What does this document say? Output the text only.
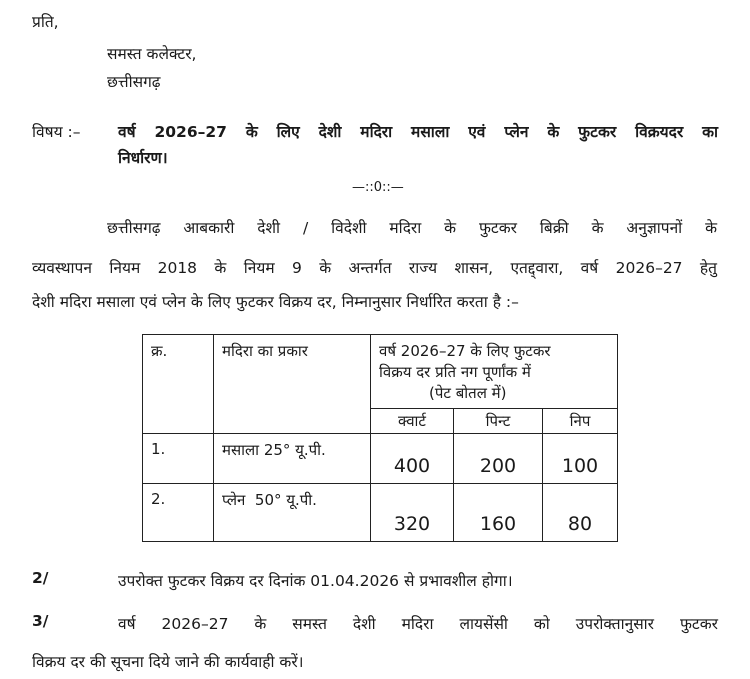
प्रति,
समस्त कलेक्टर,
छत्तीसगढ़
विषय :– वर्ष 2026–27 के लिए देशी मदिरा मसाला एवं प्लेन के फुटकर विक्रयदर का
निर्धारण।
—::0::—
छत्तीसगढ़ आबकारी देशी / विदेशी मदिरा के फुटकर बिक्री के अनुज्ञापनों के
व्यवस्थापन नियम 2018 के नियम 9 के अन्तर्गत राज्य शासन, एतद्द्वारा, वर्ष 2026–27 हेतु
देशी मदिरा मसाला एवं प्लेन के लिए फुटकर विक्रय दर, निम्नानुसार निर्धारित करता है :–
क्र.	मदिरा का प्रकार	वर्ष 2026–27 के लिए फुटकर
विक्रय दर प्रति नग पूर्णांक में
(पेट बोतल में)		

		क्वार्ट	पिन्ट	निप
1.	मसाला 25° यू.पी.	400	200	100
2.	प्लेन  50° यू.पी.	320	160	80
2/	उपरोक्त फुटकर विक्रय दर दिनांक 01.04.2026 से प्रभावशील होगा।
3/	वर्ष 2026–27 के समस्त देशी मदिरा लायसेंसी को उपरोक्तानुसार फुटकर
विक्रय दर की सूचना दिये जाने की कार्यवाही करें।
